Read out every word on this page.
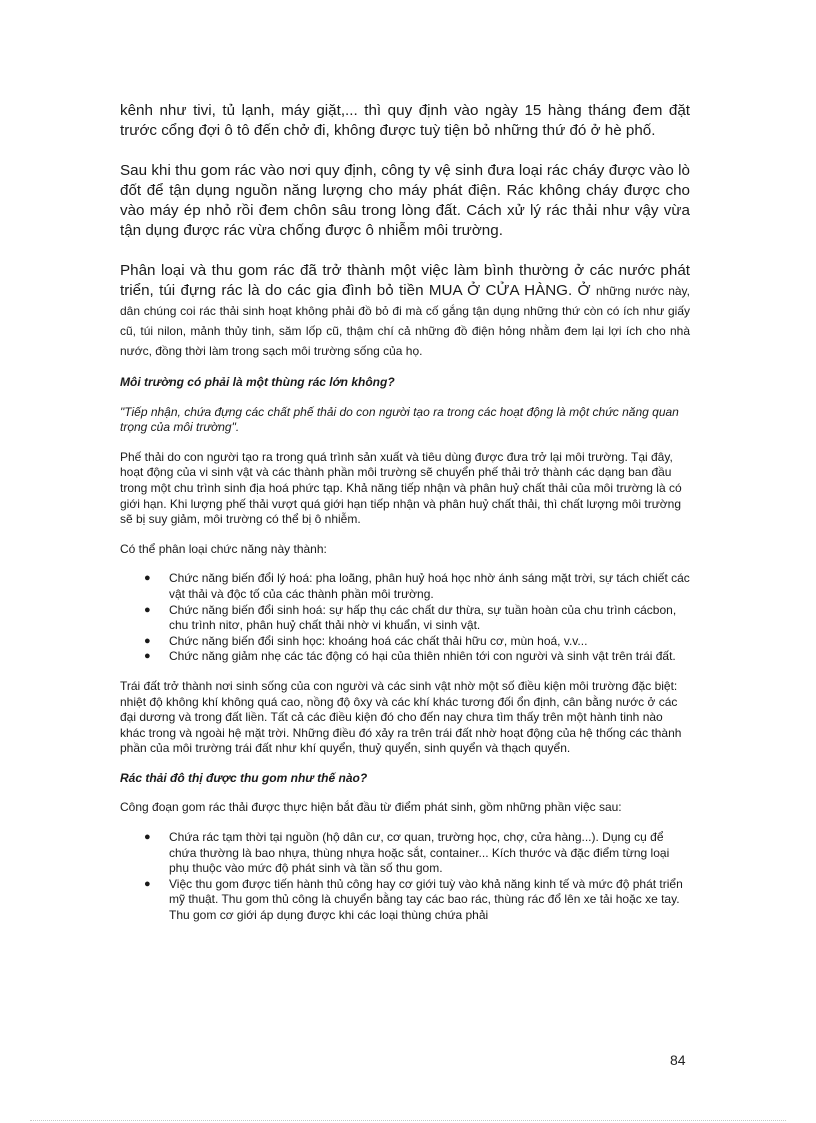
kênh như tivi, tủ lạnh, máy giặt,... thì quy định vào ngày 15 hàng tháng đem đặt trước cổng đợi ô tô đến chở đi, không được tuỳ tiện bỏ những thứ đó ở hè phố.

Sau khi thu gom rác vào nơi quy định, công ty vệ sinh đưa loại rác cháy được vào lò đốt để tận dụng nguồn năng lượng cho máy phát điện. Rác không cháy được cho vào máy ép nhỏ rồi đem chôn sâu trong lòng đất. Cách xử lý rác thải như vậy vừa tận dụng được rác vừa chống được ô nhiễm môi trường.

Phân loại và thu gom rác đã trở thành một việc làm bình thường ở các nước phát triển, túi đựng rác là do các gia đình bỏ tiền MUA Ở CỬA HÀNG. Ở những nước này, dân chúng coi rác thải sinh hoạt không phải đồ bỏ đi mà cố gắng tận dụng những thứ còn có ích như giấy cũ, túi nilon, mảnh thủy tinh, săm lốp cũ, thậm chí cả những đồ điện hỏng nhằm đem lại lợi ích cho nhà nước, đồng thời làm trong sạch môi trường sống của họ.

Môi trường có phải là một thùng rác lớn không?

"Tiếp nhận, chứa đựng các chất phế thải do con người tạo ra trong các hoạt động là một chức năng quan trọng của môi trường".

Phế thải do con người tạo ra trong quá trình sản xuất và tiêu dùng được đưa trở lại môi trường. Tại đây, hoạt động của vi sinh vật và các thành phần môi trường sẽ chuyển phế thải trở thành các dạng ban đầu trong một chu trình sinh địa hoá phức tạp. Khả năng tiếp nhận và phân huỷ chất thải của môi trường là có giới hạn. Khi lượng phế thải vượt quá giới hạn tiếp nhận và phân huỷ chất thải, thì chất lượng môi trường sẽ bị suy giảm, môi trường có thể bị ô nhiễm.

Có thể phân loại chức năng này thành:

● Chức năng biến đổi lý hoá: pha loãng, phân huỷ hoá học nhờ ánh sáng mặt trời, sự tách chiết các vật thải và độc tố của các thành phần môi trường.
● Chức năng biến đổi sinh hoá: sự hấp thụ các chất dư thừa, sự tuần hoàn của chu trình cácbon, chu trình nitơ, phân huỷ chất thải nhờ vi khuẩn, vi sinh vật.
● Chức năng biến đổi sinh học: khoáng hoá các chất thải hữu cơ, mùn hoá, v.v...
● Chức năng giảm nhẹ các tác động có hại của thiên nhiên tới con người và sinh vật trên trái đất.

Trái đất trở thành nơi sinh sống của con người và các sinh vật nhờ một số điều kiện môi trường đặc biệt: nhiệt độ không khí không quá cao, nồng độ ôxy và các khí khác tương đối ổn định, cân bằng nước ở các đại dương và trong đất liền. Tất cả các điều kiện đó cho đến nay chưa tìm thấy trên một hành tinh nào khác trong và ngoài hệ mặt trời. Những điều đó xảy ra trên trái đất nhờ hoạt động của hệ thống các thành phần của môi trường trái đất như khí quyển, thuỷ quyển, sinh quyển và thạch quyển.

Rác thải đô thị được thu gom như thế nào?

Công đoạn gom rác thải được thực hiện bắt đầu từ điểm phát sinh, gồm những phần việc sau:

● Chứa rác tạm thời tại nguồn (hộ dân cư, cơ quan, trường học, chợ, cửa hàng...). Dụng cụ để chứa thường là bao nhựa, thùng nhựa hoặc sắt, container... Kích thước và đặc điểm từng loại phụ thuộc vào mức độ phát sinh và tần số thu gom.
● Việc thu gom được tiến hành thủ công hay cơ giới tuỳ vào khả năng kinh tế và mức độ phát triển mỹ thuật. Thu gom thủ công là chuyển bằng tay các bao rác, thùng rác đổ lên xe tải hoặc xe tay. Thu gom cơ giới áp dụng được khi các loại thùng chứa phải
84
